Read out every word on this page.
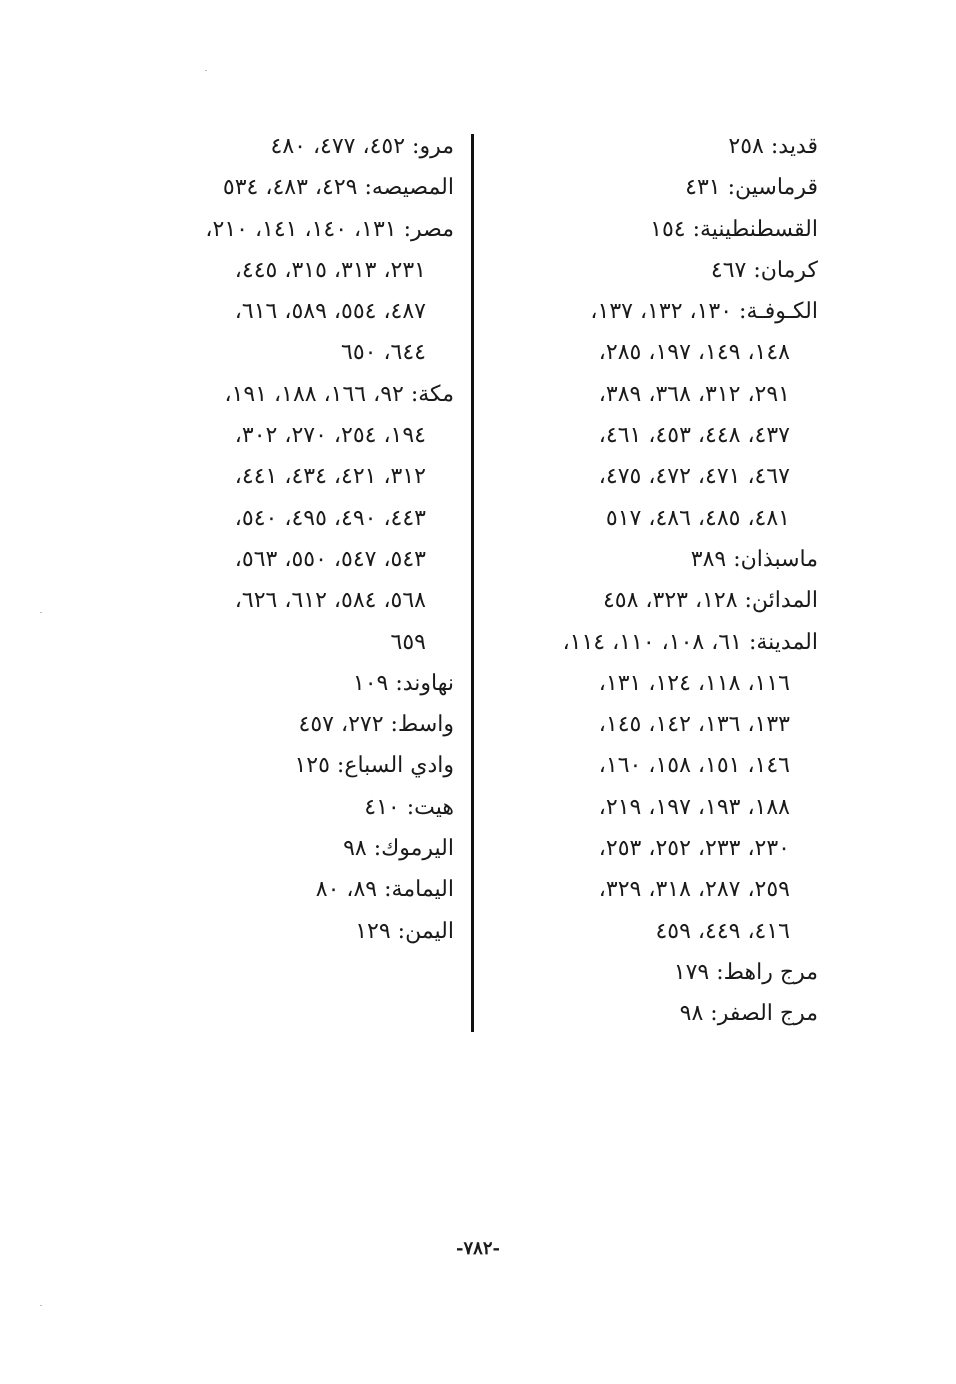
قديد: ٢٥٨
قرماسين: ٤٣١
القسطنطينية: ١٥٤
كرمان: ٤٦٧
الكـوفـة: ١٣٠، ١٣٢، ١٣٧،
١٤٨، ١٤٩، ١٩٧، ٢٨٥،
٢٩١، ٣١٢، ٣٦٨، ٣٨٩،
٤٣٧، ٤٤٨، ٤٥٣، ٤٦١،
٤٦٧، ٤٧١، ٤٧٢، ٤٧٥،
٤٨١، ٤٨٥، ٤٨٦، ٥١٧
ماسبذان: ٣٨٩
المدائن: ١٢٨، ٣٢٣، ٤٥٨
المدينة: ٦١، ١٠٨، ١١٠، ١١٤،
١١٦، ١١٨، ١٢٤، ١٣١،
١٣٣، ١٣٦، ١٤٢، ١٤٥،
١٤٦، ١٥١، ١٥٨، ١٦٠،
١٨٨، ١٩٣، ١٩٧، ٢١٩،
٢٣٠، ٢٣٣، ٢٥٢، ٢٥٣،
٢٥٩، ٢٨٧، ٣١٨، ٣٢٩،
٤١٦، ٤٤٩، ٤٥٩
مرج راهط: ١٧٩
مرج الصفر: ٩٨
مرو: ٤٥٢، ٤٧٧، ٤٨٠
المصيصه: ٤٢٩، ٤٨٣، ٥٣٤
مصر: ١٣١، ١٤٠، ١٤١، ٢١٠،
٢٣١، ٣١٣، ٣١٥، ٤٤٥،
٤٨٧، ٥٥٤، ٥٨٩، ٦١٦،
٦٤٤، ٦٥٠
مكة: ٩٢، ١٦٦، ١٨٨، ١٩١،
١٩٤، ٢٥٤، ٢٧٠، ٣٠٢،
٣١٢، ٤٢١، ٤٣٤، ٤٤١،
٤٤٣، ٤٩٠، ٤٩٥، ٥٤٠،
٥٤٣، ٥٤٧، ٥٥٠، ٥٦٣،
٥٦٨، ٥٨٤، ٦١٢، ٦٢٦،
٦٥٩
نهاوند: ١٠٩
واسط: ٢٧٢، ٤٥٧
وادي السباع: ١٢٥
هيت: ٤١٠
اليرموك: ٩٨
اليمامة: ٨٩، ٨٠
اليمن: ١٢٩
-٧٨٢-
